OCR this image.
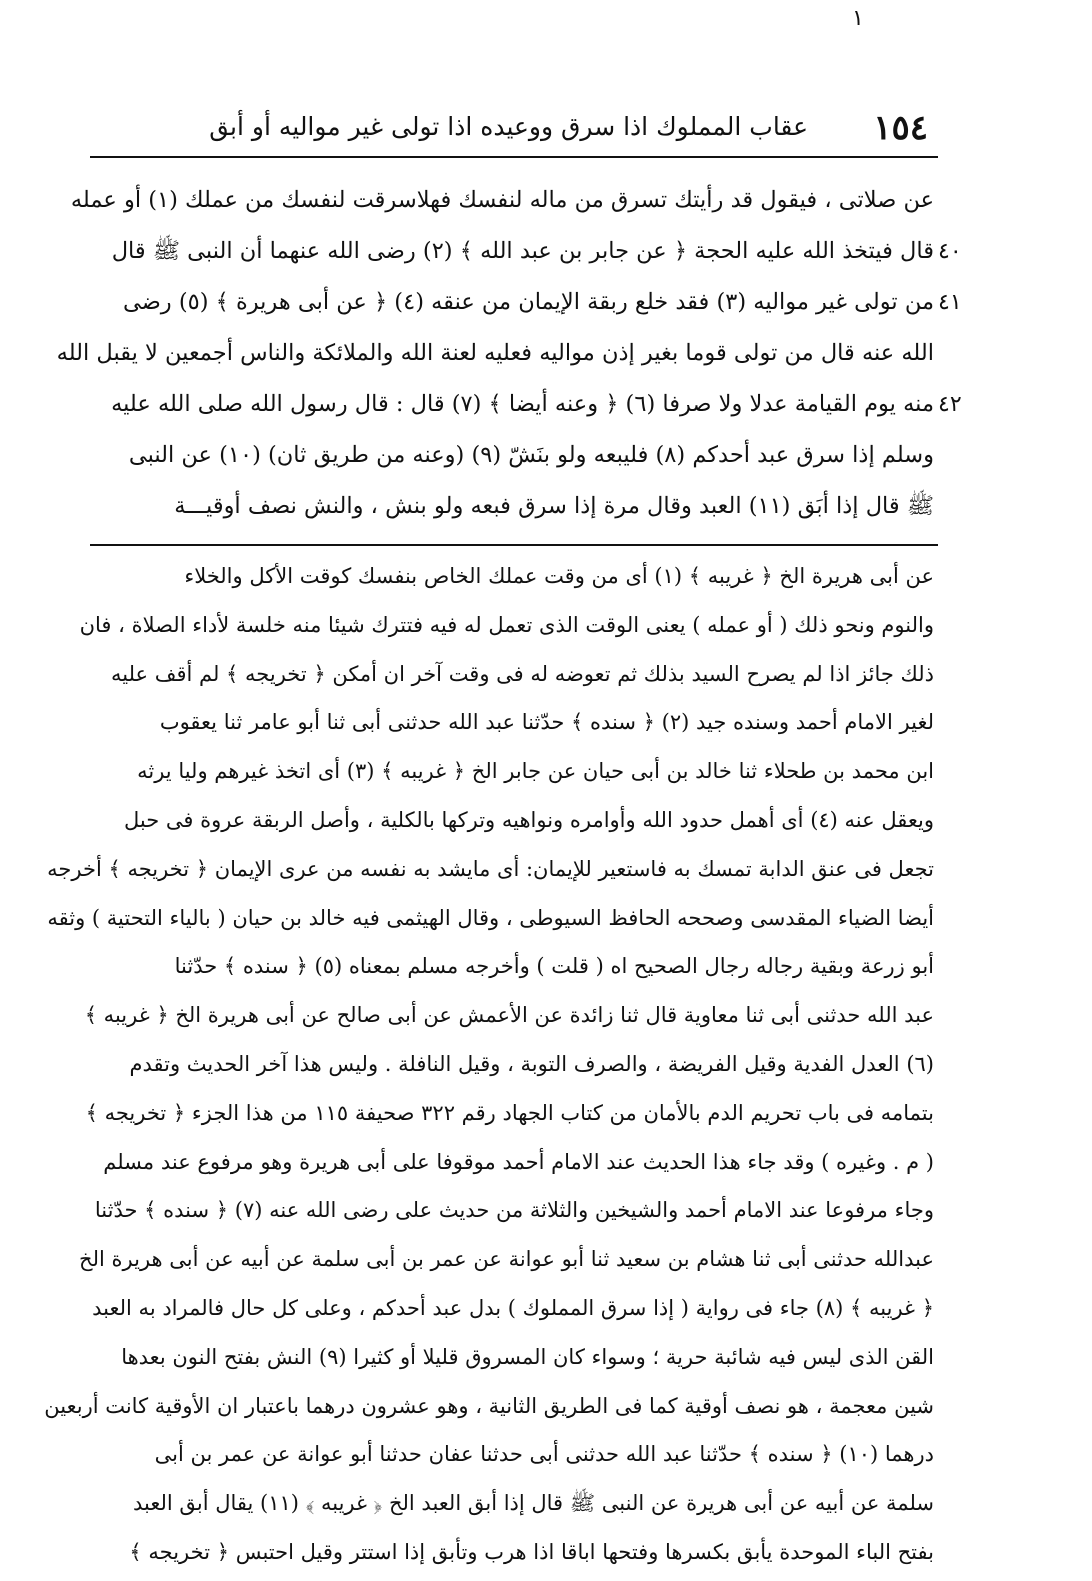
١
١٥٤
عقاب المملوك اذا سرق ووعيده اذا تولى غير مواليه أو أبق
عن صلاتى ، فيقول قد رأيتك تسرق من ماله لنفسك فهلاسرقت لنفسك من عملك (١) أو عمله
قال فيتخذ الله عليه الحجة ﴿ عن جابر بن عبد الله ﴾ (٢) رضى الله عنهما أن النبى ﷺ قال ٤٠
من تولى غير مواليه (٣) فقد خلع ربقة الإيمان من عنقه (٤) ﴿ عن أبى هريرة ﴾ (٥) رضى ٤١
الله عنه قال من تولى قوما بغير إذن مواليه فعليه لعنة الله والملائكة والناس أجمعين لا يقبل الله
منه يوم القيامة عدلا ولا صرفا (٦) ﴿ وعنه أيضا ﴾ (٧) قال : قال رسول الله صلى الله عليه ٤٢
وسلم إذا سرق عبد أحدكم (٨) فليبعه ولو بنَشّ (٩) (وعنه من طريق ثان) (١٠) عن النبى
ﷺ قال إذا أبَق (١١) العبد وقال مرة إذا سرق فبعه ولو بنش ، والنش نصف أوقيـــة
عن أبى هريرة الخ ﴿ غريبه ﴾ (١) أى من وقت عملك الخاص بنفسك كوقت الأكل والخلاء
والنوم ونحو ذلك ( أو عمله ) يعنى الوقت الذى تعمل له فيه فتترك شيئا منه خلسة لأداء الصلاة ، فان
ذلك جائز اذا لم يصرح السيد بذلك ثم تعوضه له فى وقت آخر ان أمكن ﴿ تخريجه ﴾ لم أقف عليه
لغير الامام أحمد وسنده جيد (٢) ﴿ سنده ﴾ حدّثنا عبد الله حدثنى أبى ثنا أبو عامر ثنا يعقوب
ابن محمد بن طحلاء ثنا خالد بن أبى حيان عن جابر الخ ﴿ غريبه ﴾ (٣) أى اتخذ غيرهم وليا يرثه
ويعقل عنه (٤) أى أهمل حدود الله وأوامره ونواهيه وتركها بالكلية ، وأصل الربقة عروة فى حبل
تجعل فى عنق الدابة تمسك به فاستعير للإيمان: أى مايشد به نفسه من عرى الإيمان ﴿ تخريجه ﴾ أخرجه
أيضا الضياء المقدسى وصححه الحافظ السيوطى ، وقال الهيثمى فيه خالد بن حيان ( بالياء التحتية ) وثقه
أبو زرعة وبقية رجاله رجال الصحيح اه ( قلت ) وأخرجه مسلم بمعناه (٥) ﴿ سنده ﴾ حدّثنا
عبد الله حدثنى أبى ثنا معاوية قال ثنا زائدة عن الأعمش عن أبى صالح عن أبى هريرة الخ ﴿ غريبه ﴾
(٦) العدل الفدية وقيل الفريضة ، والصرف التوبة ، وقيل النافلة . وليس هذا آخر الحديث وتقدم
بتمامه فى باب تحريم الدم بالأمان من كتاب الجهاد رقم ٣٢٢ صحيفة ١١٥ من هذا الجزء ﴿ تخريجه ﴾
( م . وغيره ) وقد جاء هذا الحديث عند الامام أحمد موقوفا على أبى هريرة وهو مرفوع عند مسلم
وجاء مرفوعا عند الامام أحمد والشيخين والثلاثة من حديث على رضى الله عنه (٧) ﴿ سنده ﴾ حدّثنا
عبدالله حدثنى أبى ثنا هشام بن سعيد ثنا أبو عوانة عن عمر بن أبى سلمة عن أبيه عن أبى هريرة الخ
﴿ غريبه ﴾ (٨) جاء فى رواية ( إذا سرق المملوك ) بدل عبد أحدكم ، وعلى كل حال فالمراد به العبد
القن الذى ليس فيه شائبة حرية ؛ وسواء كان المسروق قليلا أو كثيرا (٩) النش بفتح النون بعدها
شين معجمة ، هو نصف أوقية كما فى الطريق الثانية ، وهو عشرون درهما باعتبار ان الأوقية كانت أربعين
درهما (١٠) ﴿ سنده ﴾ حدّثنا عبد الله حدثنى أبى حدثنا عفان حدثنا أبو عوانة عن عمر بن أبى
سلمة عن أبيه عن أبى هريرة عن النبى ﷺ قال إذا أبق العبد الخ ﴿ غريبه ﴾ (١١) يقال أبق العبد
بفتح الباء الموحدة يأبق بكسرها وفتحها اباقا اذا هرب وتأبق إذا استتر وقيل احتبس ﴿ تخريجه ﴾
